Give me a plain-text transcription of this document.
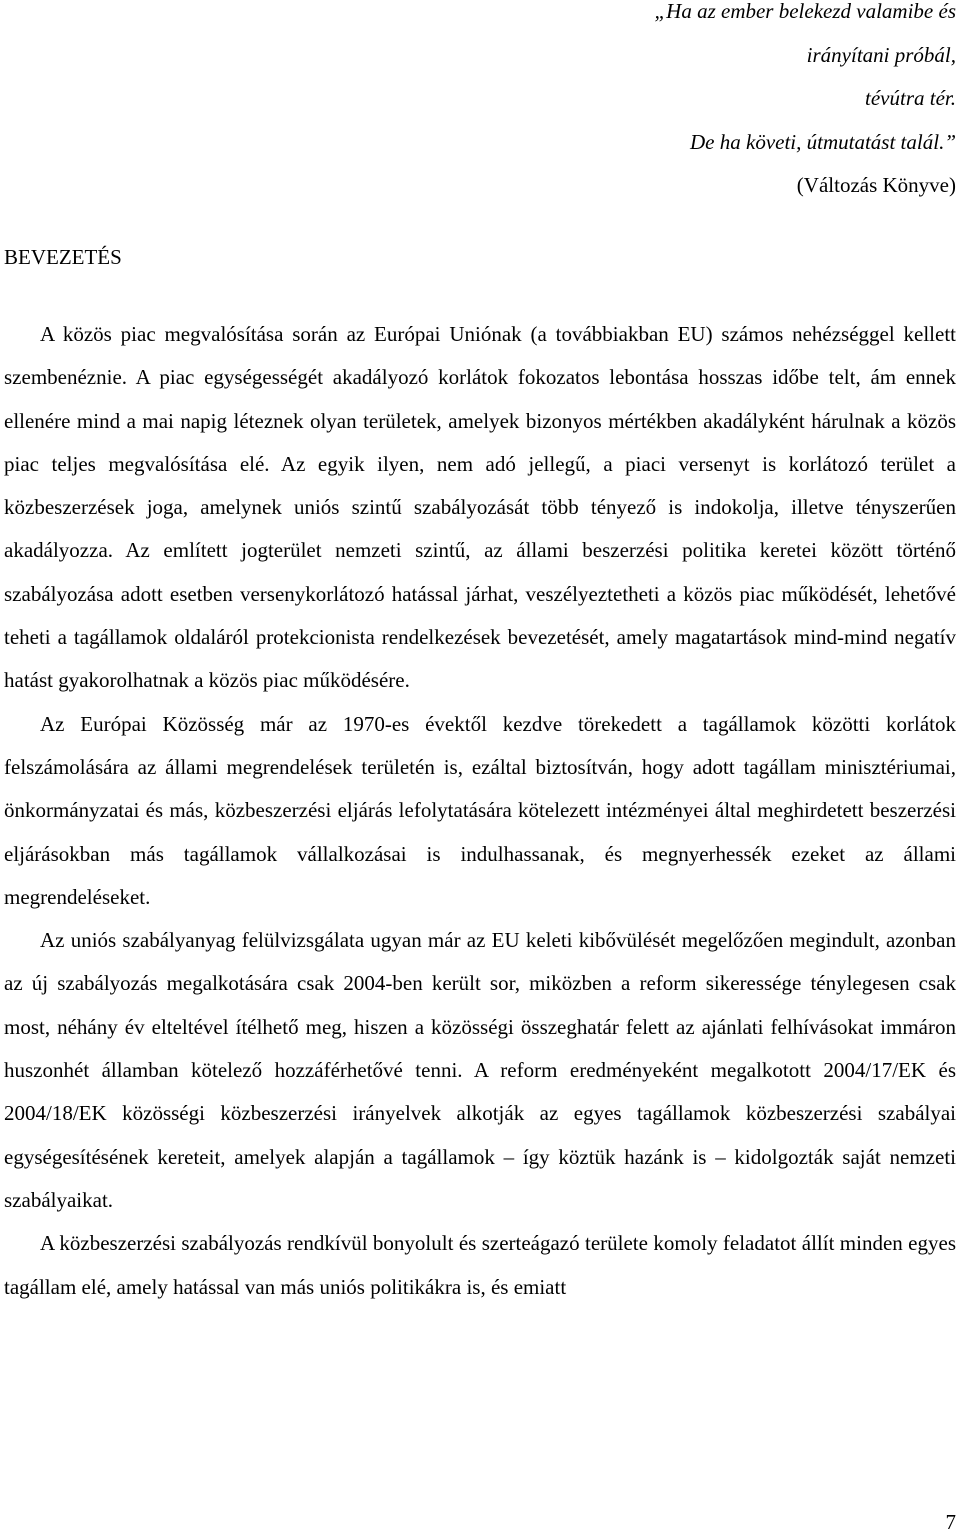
„Ha az ember belekezd valamibe és
irányítani próbál,
tévútra tér.
De ha követi, útmutatást talál.”
(Változás Könyve)
BEVEZETÉS

A közös piac megvalósítása során az Európai Uniónak (a továbbiakban EU) számos nehézséggel kellett szembenéznie. A piac egységességét akadályozó korlátok fokozatos lebontása hosszas időbe telt, ám ennek ellenére mind a mai napig léteznek olyan területek, amelyek bizonyos mértékben akadályként hárulnak a közös piac teljes megvalósítása elé. Az egyik ilyen, nem adó jellegű, a piaci versenyt is korlátozó terület a közbeszerzések joga, amelynek uniós szintű szabályozását több tényező is indokolja, illetve tényszerűen akadályozza. Az említett jogterület nemzeti szintű, az állami beszerzési politika keretei között történő szabályozása adott esetben versenykorlátozó hatással járhat, veszélyeztetheti a közös piac működését, lehetővé teheti a tagállamok oldaláról protekcionista rendelkezések bevezetését, amely magatartások mind-mind negatív hatást gyakorolhatnak a közös piac működésére.

Az Európai Közösség már az 1970-es évektől kezdve törekedett a tagállamok közötti korlátok felszámolására az állami megrendelések területén is, ezáltal biztosítván, hogy adott tagállam minisztériumai, önkormányzatai és más, közbeszerzési eljárás lefolytatására kötelezett intézményei által meghirdetett beszerzési eljárásokban más tagállamok vállalkozásai is indulhassanak, és megnyerhessék ezeket az állami megrendeléseket.

Az uniós szabályanyag felülvizsgálata ugyan már az EU keleti kibővülését megelőzően megindult, azonban az új szabályozás megalkotására csak 2004-ben került sor, miközben a reform sikeressége ténylegesen csak most, néhány év elteltével ítélhető meg, hiszen a közösségi összeghatár felett az ajánlati felhívásokat immáron huszonhét államban kötelező hozzáférhetővé tenni. A reform eredményeként megalkotott 2004/17/EK és 2004/18/EK közösségi közbeszerzési irányelvek alkotják az egyes tagállamok közbeszerzési szabályai egységesítésének kereteit, amelyek alapján a tagállamok – így köztük hazánk is – kidolgozták saját nemzeti szabályaikat.

A közbeszerzési szabályozás rendkívül bonyolult és szerteágazó területe komoly feladatot állít minden egyes tagállam elé, amely hatással van más uniós politikákra is, és emiatt

7
